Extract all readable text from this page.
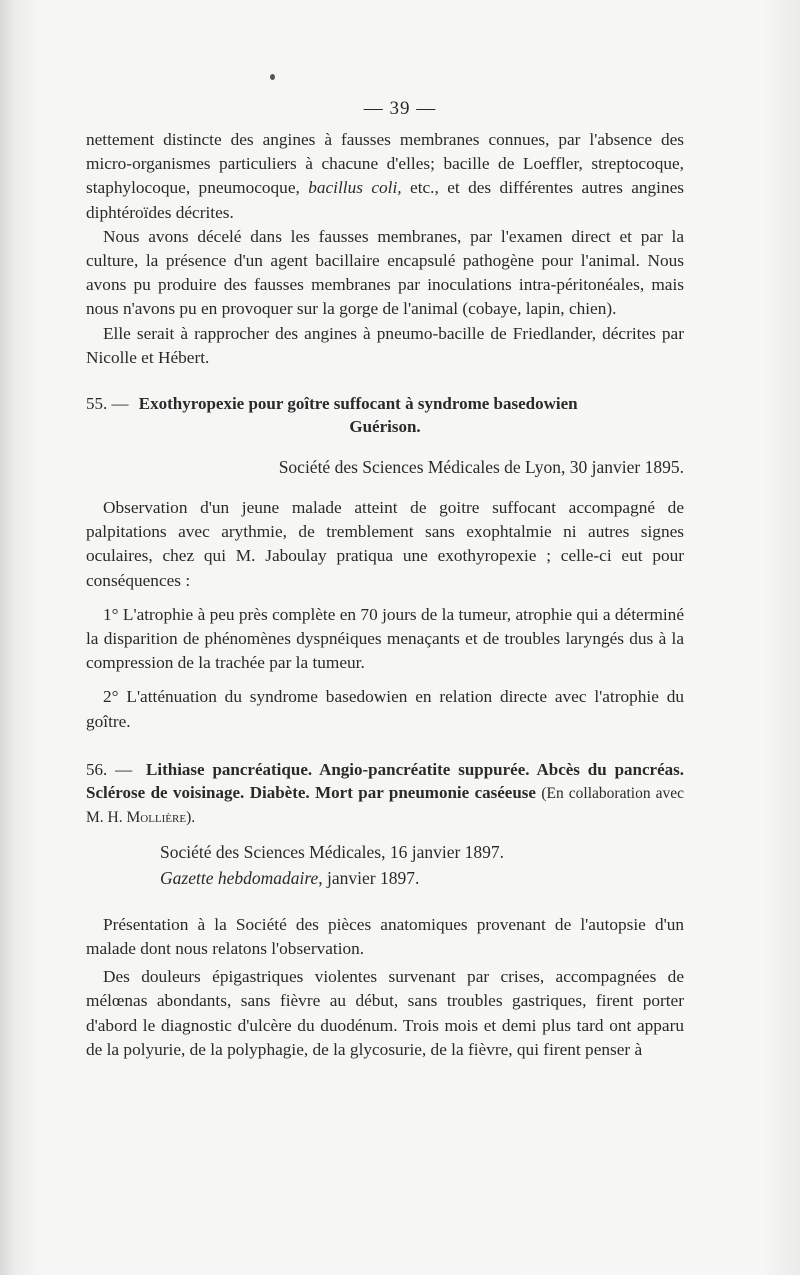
— 39 —

nettement distincte des angines à fausses membranes connues, par l'absence des micro-organismes particuliers à chacune d'elles; bacille de Loeffler, streptocoque, staphylocoque, pneumocoque, bacillus coli, etc., et des différentes autres angines diphtéroïdes décrites.

Nous avons décelé dans les fausses membranes, par l'examen direct et par la culture, la présence d'un agent bacillaire encapsulé pathogène pour l'animal. Nous avons pu produire des fausses membranes par inoculations intra-péritonéales, mais nous n'avons pu en provoquer sur la gorge de l'animal (cobaye, lapin, chien).

Elle serait à rapprocher des angines à pneumo-bacille de Friedlander, décrites par Nicolle et Hébert.

55. — Exothyropexie pour goître suffocant à syndrome basedowien
Guérison.

Société des Sciences Médicales de Lyon, 30 janvier 1895.

Observation d'un jeune malade atteint de goitre suffocant accompagné de palpitations avec arythmie, de tremblement sans exophtalmie ni autres signes oculaires, chez qui M. Jaboulay pratiqua une exothyropexie ; celle-ci eut pour conséquences :

1° L'atrophie à peu près complète en 70 jours de la tumeur, atrophie qui a déterminé la disparition de phénomènes dyspnéiques menaçants et de troubles laryngés dus à la compression de la trachée par la tumeur.

2° L'atténuation du syndrome basedowien en relation directe avec l'atrophie du goître.

56. — Lithiase pancréatique. Angio-pancréatite suppurée. Abcès du pancréas. Sclérose de voisinage. Diabète. Mort par pneumonie caséeuse (En collaboration avec M. H. Mollière).

Société des Sciences Médicales, 16 janvier 1897.

Gazette hebdomadaire, janvier 1897.

Présentation à la Société des pièces anatomiques provenant de l'autopsie d'un malade dont nous relatons l'observation.

Des douleurs épigastriques violentes survenant par crises, accompagnées de mélœnas abondants, sans fièvre au début, sans troubles gastriques, firent porter d'abord le diagnostic d'ulcère du duodénum. Trois mois et demi plus tard ont apparu de la polyurie, de la polyphagie, de la glycosurie, de la fièvre, qui firent penser à
